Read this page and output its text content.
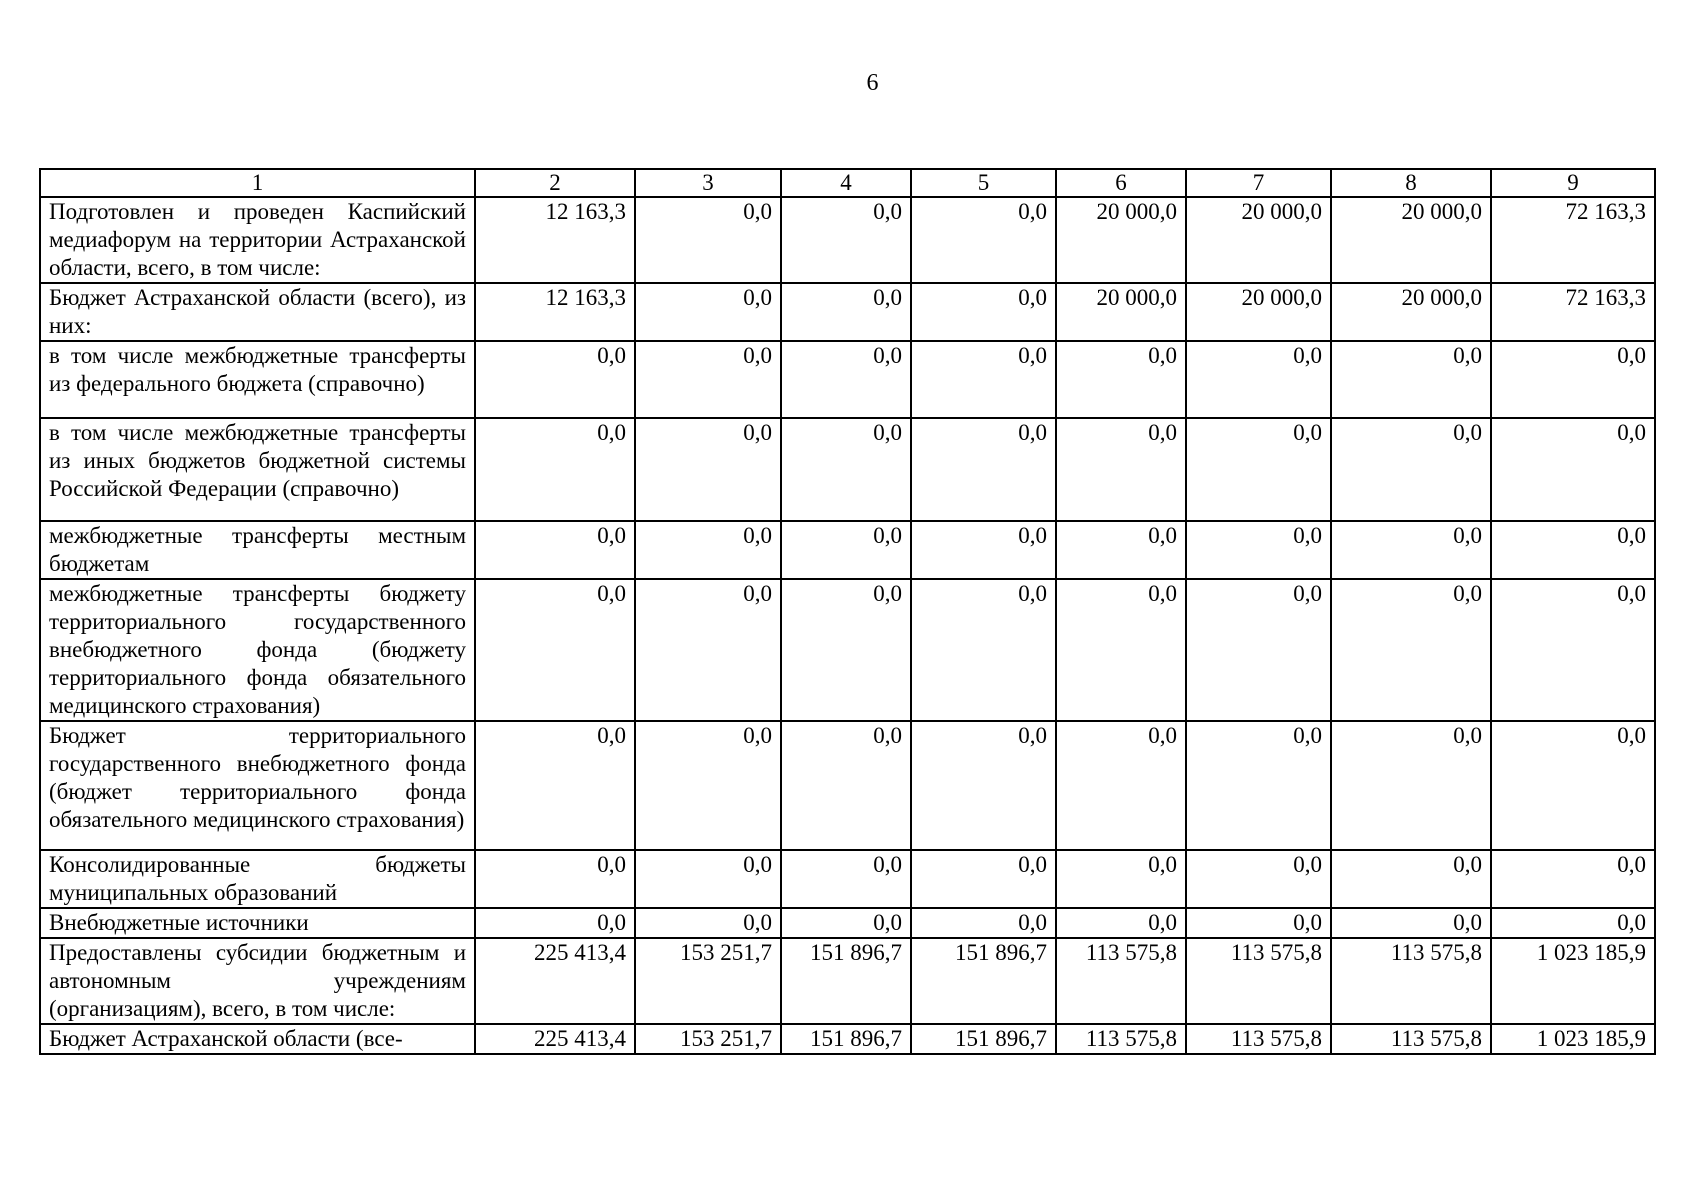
6
1	2	3	4	5	6	7	8	9
Подготовлен и проведен Каспийский медиафорум на территории Астраханской области, всего, в том числе:	12 163,3	0,0	0,0	0,0	20 000,0	20 000,0	20 000,0	72 163,3
Бюджет Астраханской области (всего), из них:	12 163,3	0,0	0,0	0,0	20 000,0	20 000,0	20 000,0	72 163,3
в том числе межбюджетные трансферты из федерального бюджета (справочно)	0,0	0,0	0,0	0,0	0,0	0,0	0,0	0,0
в том числе межбюджетные трансферты из иных бюджетов бюджетной системы Российской Федерации (справочно)	0,0	0,0	0,0	0,0	0,0	0,0	0,0	0,0
межбюджетные трансферты местным бюджетам	0,0	0,0	0,0	0,0	0,0	0,0	0,0	0,0
межбюджетные трансферты бюджету территориального государственного внебюджетного фонда (бюджету территориального фонда обязательного медицинского страхования)	0,0	0,0	0,0	0,0	0,0	0,0	0,0	0,0
Бюджет территориального государственного внебюджетного фонда (бюджет территориального фонда обязательного медицинского страхования)	0,0	0,0	0,0	0,0	0,0	0,0	0,0	0,0
Консолидированные бюджеты муниципальных образований	0,0	0,0	0,0	0,0	0,0	0,0	0,0	0,0
Внебюджетные источники	0,0	0,0	0,0	0,0	0,0	0,0	0,0	0,0
Предоставлены субсидии бюджетным и автономным учреждениям (организациям), всего, в том числе:	225 413,4	153 251,7	151 896,7	151 896,7	113 575,8	113 575,8	113 575,8	1 023 185,9
Бюджет Астраханской области (все-	225 413,4	153 251,7	151 896,7	151 896,7	113 575,8	113 575,8	113 575,8	1 023 185,9
